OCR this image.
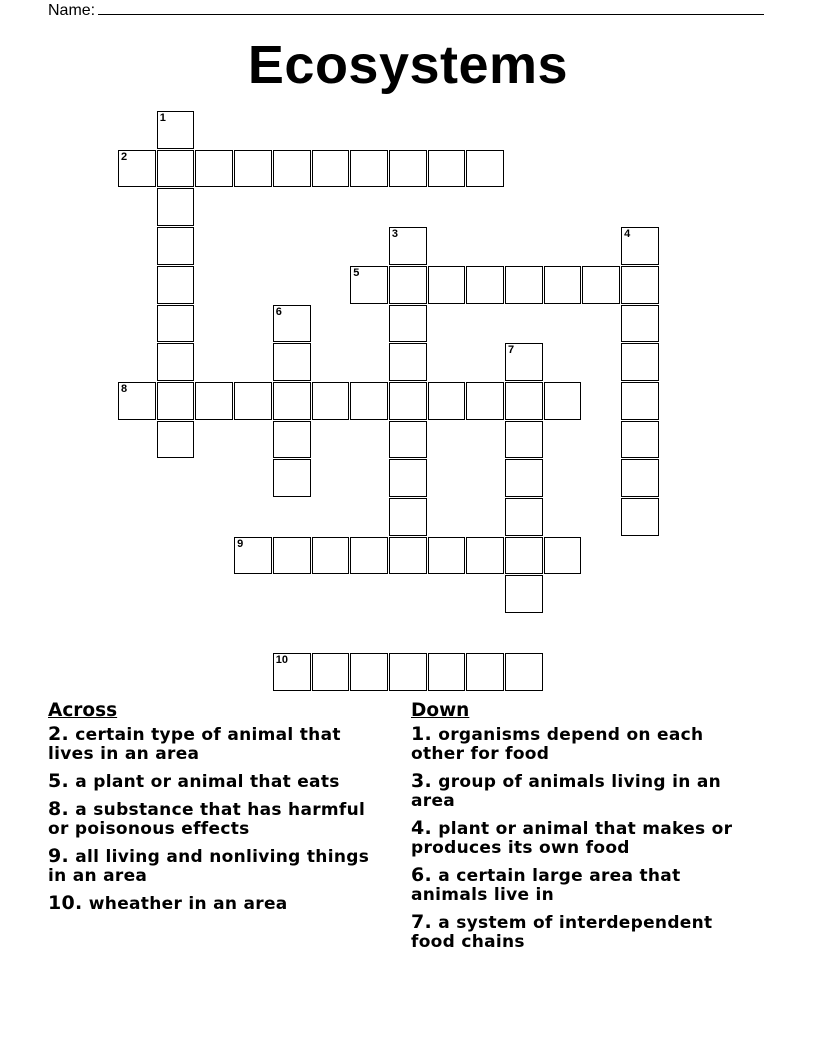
Name:
Ecosystems
1
2
3	4
5
6
7
8
9
10
Across
2. certain type of animal that lives in an area
5. a plant or animal that eats
8. a substance that has harmful or poisonous effects
9. all living and nonliving things in an area
10. wheather in an area
Down
1. organisms depend on each other for food
3. group of animals living in an area
4. plant or animal that makes or produces its own food
6. a certain large area that animals live in
7. a system of interdependent food chains
